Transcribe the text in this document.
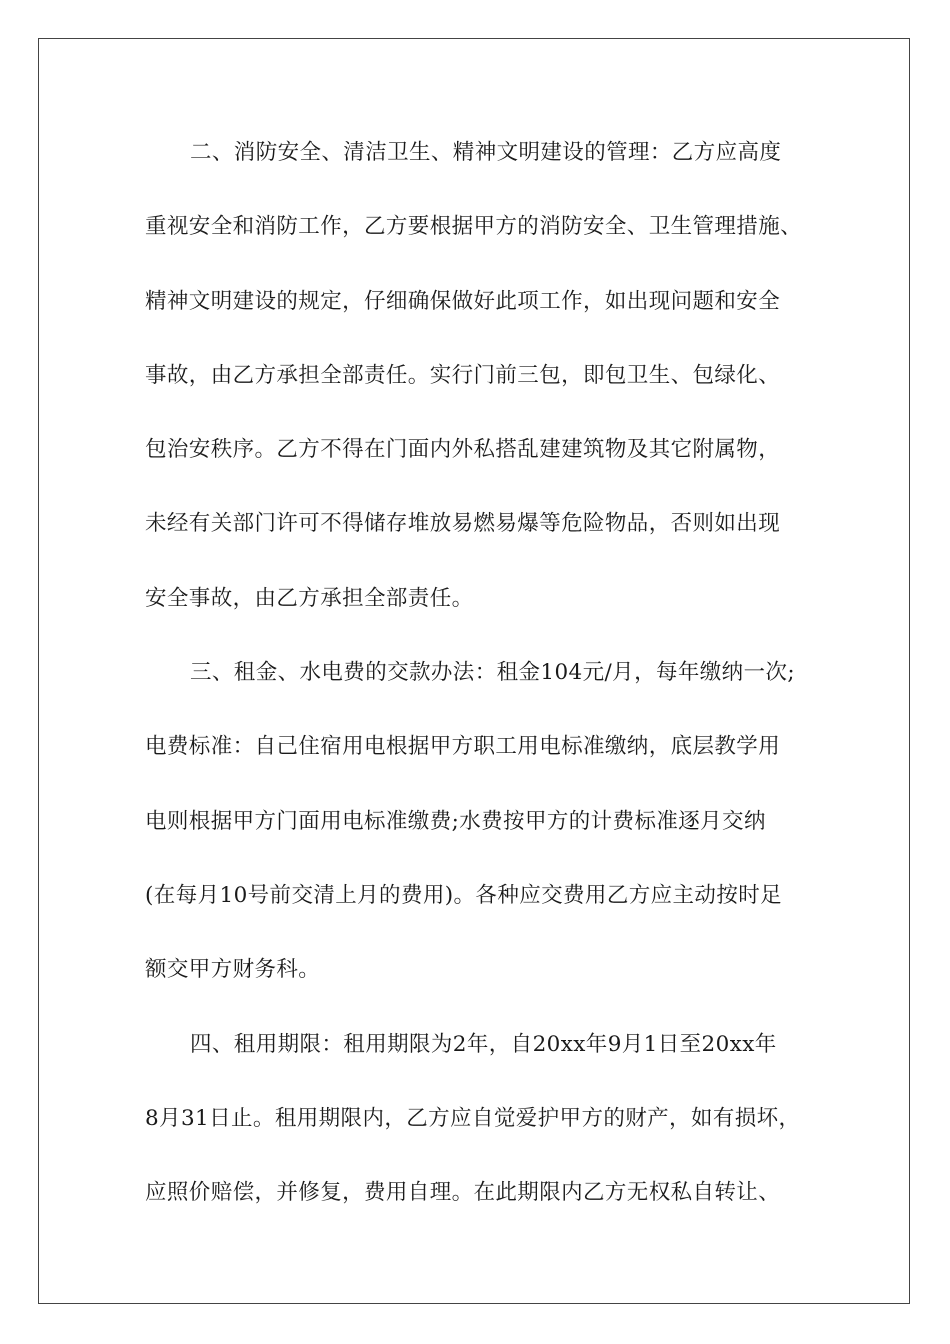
二、消防安全、清洁卫生、精神文明建设的管理：乙方应高度
重视安全和消防工作，乙方要根据甲方的消防安全、卫生管理措施、
精神文明建设的规定，仔细确保做好此项工作，如出现问题和安全
事故，由乙方承担全部责任。实行门前三包，即包卫生、包绿化、
包治安秩序。乙方不得在门面内外私搭乱建建筑物及其它附属物，
未经有关部门许可不得储存堆放易燃易爆等危险物品，否则如出现
安全事故，由乙方承担全部责任。
三、租金、水电费的交款办法：租金104元/月，每年缴纳一次;
电费标准：自己住宿用电根据甲方职工用电标准缴纳，底层教学用
电则根据甲方门面用电标准缴费;水费按甲方的计费标准逐月交纳
(在每月10号前交清上月的费用)。各种应交费用乙方应主动按时足
额交甲方财务科。
四、租用期限：租用期限为2年，自20xx年9月1日至20xx年
8月31日止。租用期限内，乙方应自觉爱护甲方的财产，如有损坏，
应照价赔偿，并修复，费用自理。在此期限内乙方无权私自转让、
